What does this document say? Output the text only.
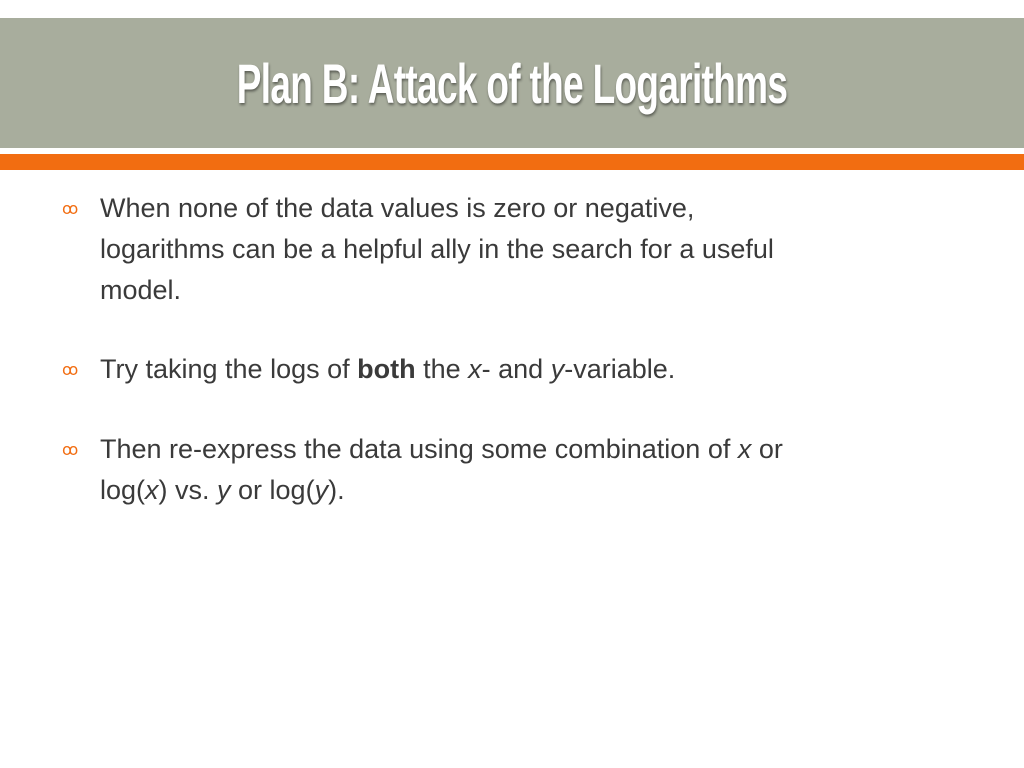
Plan B: Attack of the Logarithms
ꝏ When none of the data values is zero or negative,
logarithms can be a helpful ally in the search for a useful
model.
ꝏ Try taking the logs of both the x- and y-variable.
ꝏ Then re-express the data using some combination of x or
log(x) vs. y or log(y).
